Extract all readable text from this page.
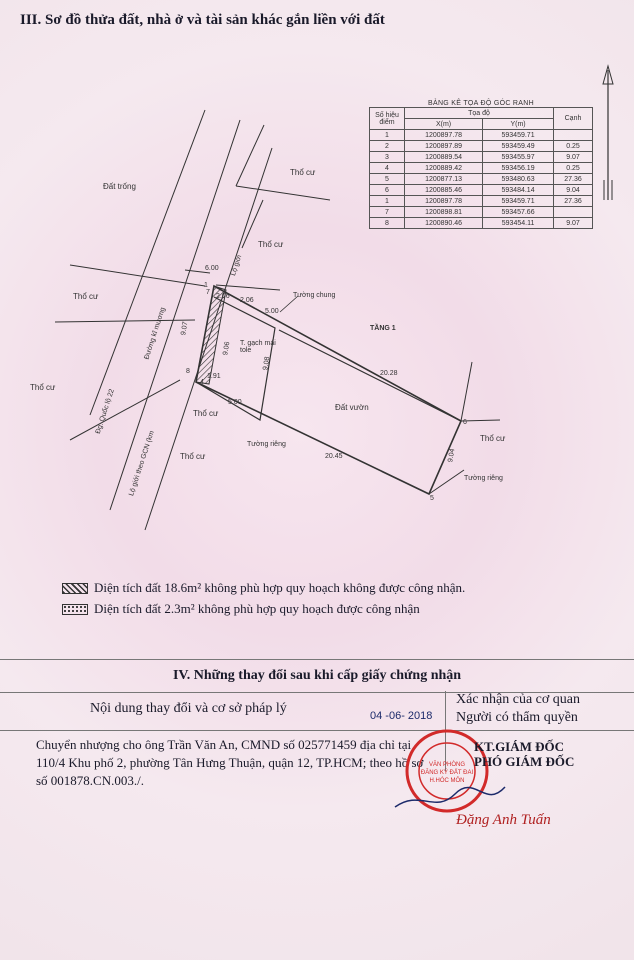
III. Sơ đồ thửa đất, nhà ở và tài sản khác gắn liền với đất
7
1
8
4
5
6
Đất trống
Thổ cư
Thổ cư
Thổ cư
Thổ cư
Thổ cư
Thổ cư
Thổ cư
TẦNG 1
Tường chung
Tường riêng
Tường riêng
Đất vườn
T. gạch mái tole
Đường kĩ mương
Đg. Quốc lộ 22
Lộ giới theo GCN (km
Lộ giới
6.00
2.06
2.06
5.00
9.07
9.06
9.08
20.28
20.45
5.00
9.04
1.91
BẢNG KÊ TỌA ĐỘ GÓC RANH
Số hiệu điểm	Tọa độ		Cạnh
	X(m)	Y(m)	
1	1200897.78	593459.71	
2	1200897.89	593459.49	0.25
3	1200889.54	593455.97	9.07
4	1200889.42	593456.19	0.25
5	1200877.13	593480.63	27.36
6	1200885.46	593484.14	9.04
1	1200897.78	593459.71	27.36
7	1200898.81	593457.66	
8	1200890.46	593454.11	9.07
Diện tích đất 18.6m² không phù hợp quy hoạch không được công nhận.
Diện tích đất 2.3m² không phù hợp quy hoạch được công nhận
IV. Những thay đổi sau khi cấp giấy chứng nhận
Nội dung thay đổi và cơ sở pháp lý
Xác nhận của cơ quan
Người có thẩm quyền
04 -06- 2018
Chuyển nhượng cho ông Trần Văn An, CMND số 025771459 địa chỉ tại 110/4 Khu phố 2, phường Tân Hưng Thuận, quận 12, TP.HCM; theo hồ sơ số 001878.CN.003./.
VĂN PHÒNG
ĐĂNG KÝ ĐẤT ĐAI
H.HÓC MÔN
KT.GIÁM ĐỐC
PHÓ GIÁM ĐỐC
Đặng Anh Tuấn
